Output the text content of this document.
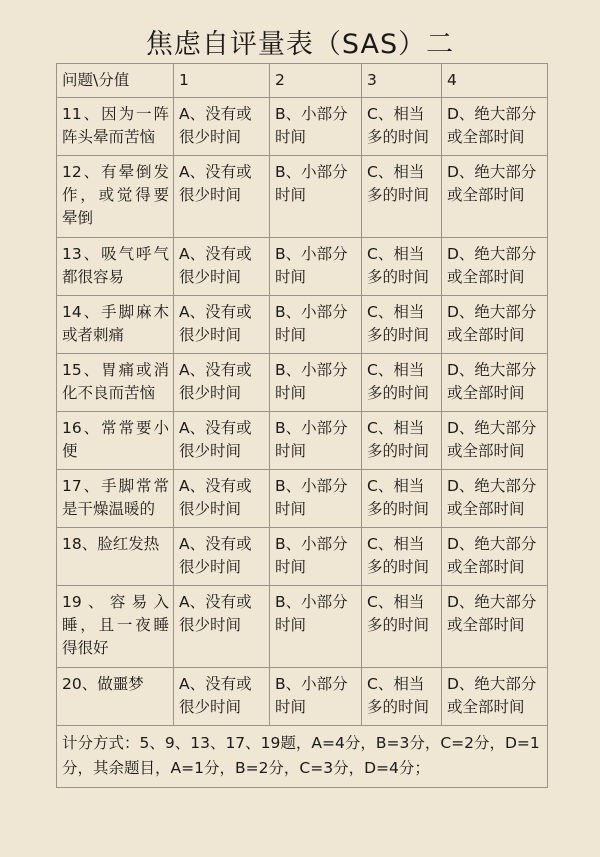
焦虑自评量表（SAS）二
问题\分值	1	2	3	4
11、因为一阵阵头晕而苦恼	A、没有或很少时间	B、小部分时间	C、相当多的时间	D、绝大部分或全部时间
12、有晕倒发作，或觉得要晕倒	A、没有或很少时间	B、小部分时间	C、相当多的时间	D、绝大部分或全部时间
13、吸气呼气都很容易	A、没有或很少时间	B、小部分时间	C、相当多的时间	D、绝大部分或全部时间
14、手脚麻木或者刺痛	A、没有或很少时间	B、小部分时间	C、相当多的时间	D、绝大部分或全部时间
15、胃痛或消化不良而苦恼	A、没有或很少时间	B、小部分时间	C、相当多的时间	D、绝大部分或全部时间
16、常常要小便	A、没有或很少时间	B、小部分时间	C、相当多的时间	D、绝大部分或全部时间
17、手脚常常是干燥温暖的	A、没有或很少时间	B、小部分时间	C、相当多的时间	D、绝大部分或全部时间
18、脸红发热	A、没有或很少时间	B、小部分时间	C、相当多的时间	D、绝大部分或全部时间
19、容易入睡，且一夜睡得很好	A、没有或很少时间	B、小部分时间	C、相当多的时间	D、绝大部分或全部时间
20、做噩梦	A、没有或很少时间	B、小部分时间	C、相当多的时间	D、绝大部分或全部时间
计分方式：5、9、13、17、19题，A=4分，B=3分，C=2分，D=1分，其余题目，A=1分，B=2分，C=3分，D=4分；				
